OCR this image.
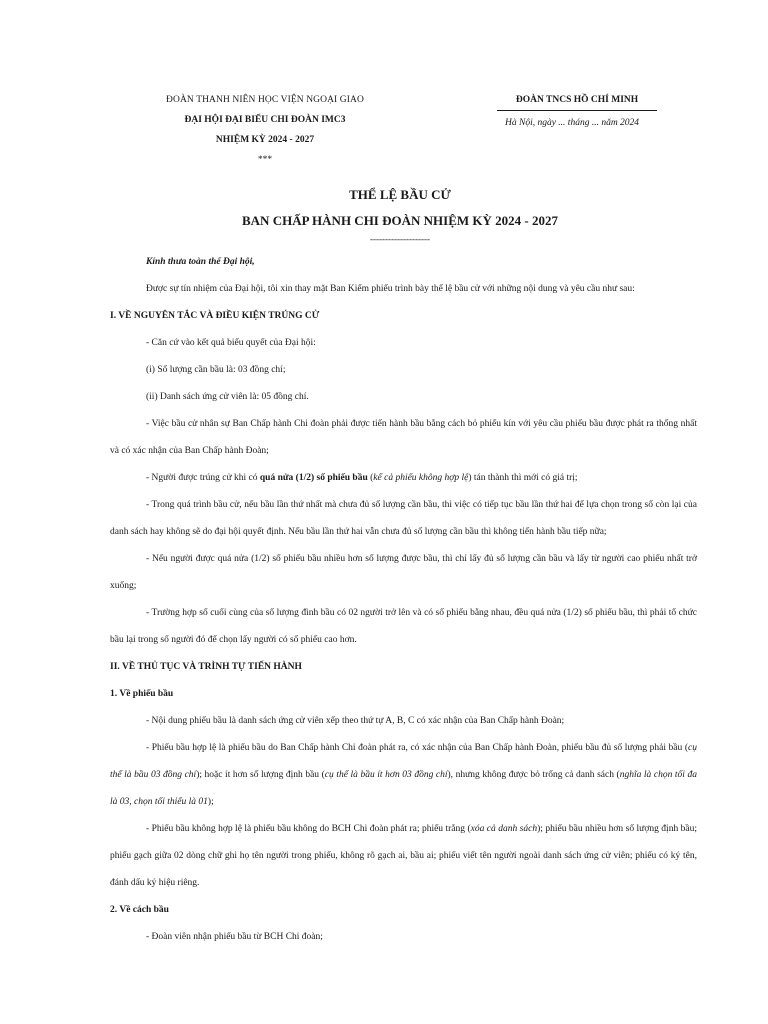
ĐOÀN THANH NIÊN HỌC VIỆN NGOẠI GIAO
ĐẠI HỘI ĐẠI BIỂU CHI ĐOÀN IMC3
NHIỆM KỲ 2024 - 2027
***
ĐOÀN TNCS HỒ CHÍ MINH
Hà Nội, ngày ... tháng ... năm 2024
THỂ LỆ BẦU CỬ
BAN CHẤP HÀNH CHI ĐOÀN NHIỆM KỲ 2024 - 2027
--------------------

Kính thưa toàn thể Đại hội,

Được sự tín nhiệm của Đại hội, tôi xin thay mặt Ban Kiểm phiếu trình bày thể lệ bầu cử với những nội dung và yêu cầu như sau:

I. VỀ NGUYÊN TẮC VÀ ĐIỀU KIỆN TRÚNG CỬ

- Căn cứ vào kết quả biểu quyết của Đại hội:

(i) Số lượng cần bầu là: 03 đồng chí;

(ii) Danh sách ứng cử viên là: 05 đồng chí.

- Việc bầu cử nhân sự Ban Chấp hành Chi đoàn phải được tiến hành bầu bằng cách bỏ phiếu kín với yêu cầu phiếu bầu được phát ra thống nhất và có xác nhận của Ban Chấp hành Đoàn;

- Người được trúng cử khi có quá nửa (1/2) số phiếu bầu (kể cả phiếu không hợp lệ) tán thành thì mới có giá trị;

- Trong quá trình bầu cử, nếu bầu lần thứ nhất mà chưa đủ số lượng cần bầu, thì việc có tiếp tục bầu lần thứ hai để lựa chọn trong số còn lại của danh sách hay không sẽ do đại hội quyết định. Nếu bầu lần thứ hai vẫn chưa đủ số lượng cần bầu thì không tiến hành bầu tiếp nữa;

- Nếu người được quá nửa (1/2) số phiếu bầu nhiều hơn số lượng được bầu, thì chỉ lấy đủ số lượng cần bầu và lấy từ người cao phiếu nhất trở xuống;

- Trường hợp số cuối cùng của số lượng đình bầu có 02 người trở lên và có số phiếu bằng nhau, đều quá nửa (1/2) số phiếu bầu, thì phải tổ chức bầu lại trong số người đó để chọn lấy người có số phiếu cao hơn.

II. VỀ THỦ TỤC VÀ TRÌNH TỰ TIẾN HÀNH

1. Về phiếu bầu

- Nội dung phiếu bầu là danh sách ứng cử viên xếp theo thứ tự A, B, C có xác nhận của Ban Chấp hành Đoàn;

- Phiếu bầu hợp lệ là phiếu bầu do Ban Chấp hành Chi đoàn phát ra, có xác nhận của Ban Chấp hành Đoàn, phiếu bầu đủ số lượng phải bầu (cụ thể là bầu 03 đồng chí); hoặc ít hơn số lượng định bầu (cụ thể là bầu ít hơn 03 đồng chí), nhưng không được bỏ trống cả danh sách (nghĩa là chọn tối đa là 03, chọn tối thiểu là 01);

- Phiếu bầu không hợp lệ là phiếu bầu không do BCH Chi đoàn phát ra; phiếu trắng (xóa cả danh sách); phiếu bầu nhiều hơn số lượng định bầu; phiếu gạch giữa 02 dòng chữ ghi họ tên người trong phiếu, không rõ gạch ai, bầu ai; phiếu viết tên người ngoài danh sách ứng cử viên; phiếu có ký tên, đánh dấu ký hiệu riêng.

2. Về cách bầu

- Đoàn viên nhận phiếu bầu từ BCH Chi đoàn;
